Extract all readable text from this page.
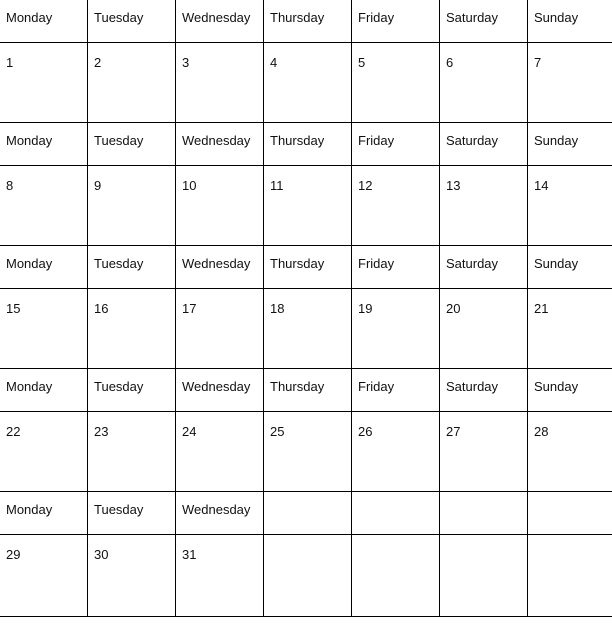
Monday	Tuesday	Wednesday	Thursday	Friday	Saturday	Sunday
1	2	3	4	5	6	7
Monday	Tuesday	Wednesday	Thursday	Friday	Saturday	Sunday
8	9	10	11	12	13	14
Monday	Tuesday	Wednesday	Thursday	Friday	Saturday	Sunday
15	16	17	18	19	20	21
Monday	Tuesday	Wednesday	Thursday	Friday	Saturday	Sunday
22	23	24	25	26	27	28
Monday	Tuesday	Wednesday				
29	30	31				
